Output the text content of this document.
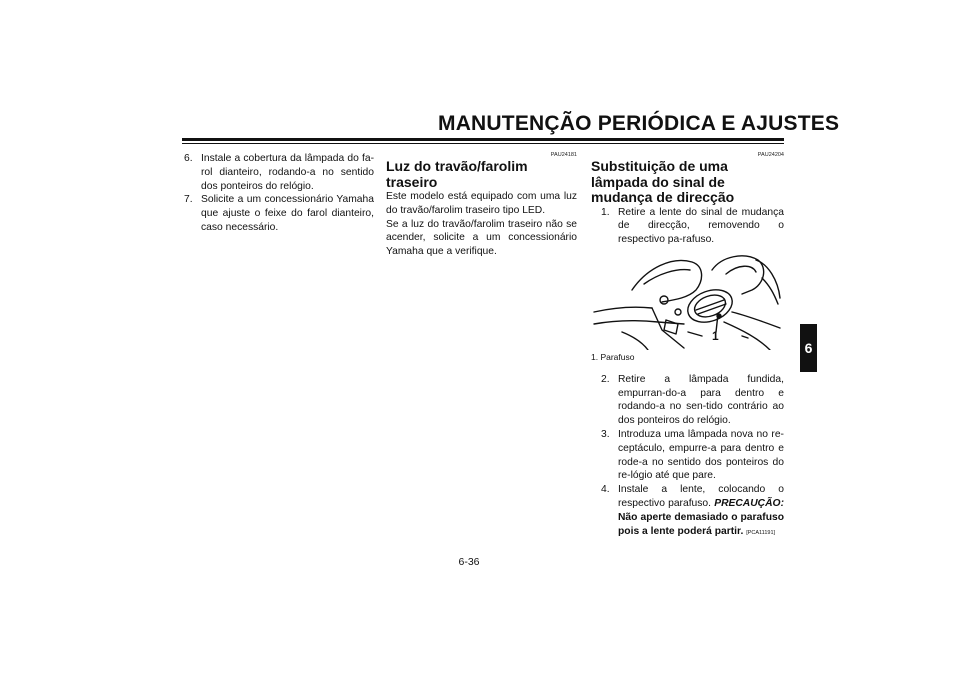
MANUTENÇÃO PERIÓDICA E AJUSTES
6
6. Instale a cobertura da lâmpada do fa-rol dianteiro, rodando-a no sentido dos ponteiros do relógio.
7. Solicite a um concessionário Yamaha que ajuste o feixe do farol dianteiro, caso necessário.
PAU24181
Luz do travão/farolim traseiro

Este modelo está equipado com uma luz do travão/farolim traseiro tipo LED.

Se a luz do travão/farolim traseiro não se acender, solicite a um concessionário Yamaha que a verifique.

PAU24204
Substituição de uma lâmpada do sinal de mudança de direcção
1. Retire a lente do sinal de mudança de direcção, removendo o respectivo pa-rafuso.
1
1. Parafuso
2. Retire a lâmpada fundida, empurran-do-a para dentro e rodando-a no sen-tido contrário ao dos ponteiros do relógio.
3. Introduza uma lâmpada nova no re-ceptáculo, empurre-a para dentro e rode-a no sentido dos ponteiros do re-lógio até que pare.
4. Instale a lente, colocando o respectivo parafuso. PRECAUÇÃO: Não aperte demasiado o parafuso pois a lente poderá partir. [PCA11191]
6-36
